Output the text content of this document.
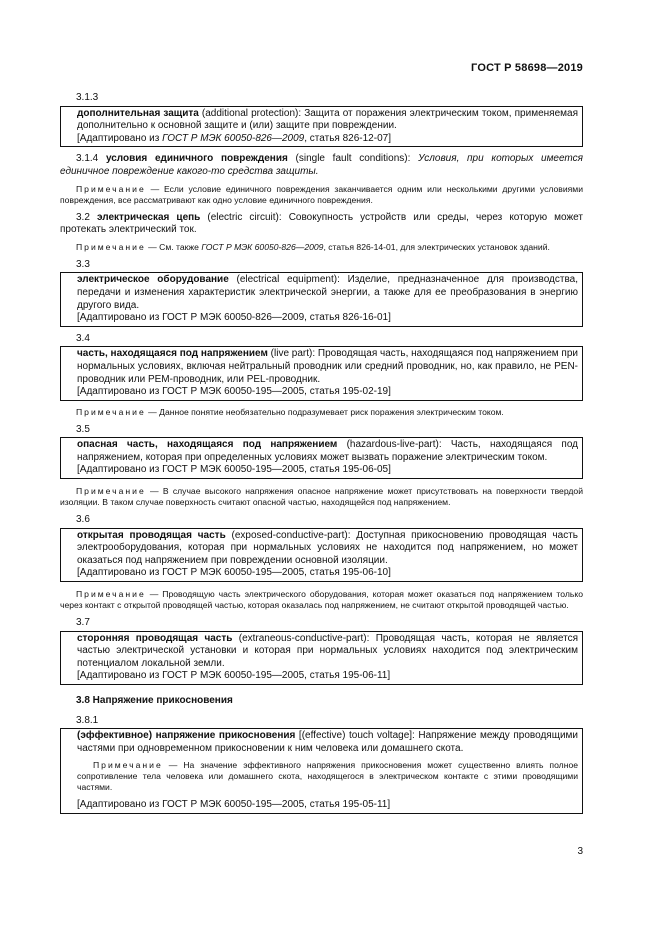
ГОСТ Р 58698—2019
3.1.3
дополнительная защита (additional protection): Защита от поражения электрическим током, применяемая дополнительно к основной защите и (или) защите при повреждении.
[Адаптировано из ГОСТ Р МЭК 60050-826—2009, статья 826-12-07]
3.1.4 условия единичного повреждения (single fault conditions): Условия, при которых имеется единичное повреждение какого-то средства защиты.
Примечание — Если условие единичного повреждения заканчивается одним или несколькими другими условиями повреждения, все рассматривают как одно условие единичного повреждения.
3.2 электрическая цепь (electric circuit): Совокупность устройств или среды, через которую может протекать электрический ток.
Примечание — См. также ГОСТ Р МЭК 60050-826—2009, статья 826-14-01, для электрических установок зданий.
3.3
электрическое оборудование (electrical equipment): Изделие, предназначенное для производства, передачи и изменения характеристик электрической энергии, а также для ее преобразования в энергию другого вида.
[Адаптировано из ГОСТ Р МЭК 60050-826—2009, статья 826-16-01]
3.4
часть, находящаяся под напряжением (live part): Проводящая часть, находящаяся под напряжением при нормальных условиях, включая нейтральный проводник или средний проводник, но, как правило, не PEN-проводник или PEM-проводник, или PEL-проводник.
[Адаптировано из ГОСТ Р МЭК 60050-195—2005, статья 195-02-19]
Примечание — Данное понятие необязательно подразумевает риск поражения электрическим током.
3.5
опасная часть, находящаяся под напряжением (hazardous-live-part): Часть, находящаяся под напряжением, которая при определенных условиях может вызвать поражение электрическим током.
[Адаптировано из ГОСТ Р МЭК 60050-195—2005, статья 195-06-05]
Примечание — В случае высокого напряжения опасное напряжение может присутствовать на поверхности твердой изоляции. В таком случае поверхность считают опасной частью, находящейся под напряжением.
3.6
открытая проводящая часть (exposed-conductive-part): Доступная прикосновению проводящая часть электрооборудования, которая при нормальных условиях не находится под напряжением, но может оказаться под напряжением при повреждении основной изоляции.
[Адаптировано из ГОСТ Р МЭК 60050-195—2005, статья 195-06-10]
Примечание — Проводящую часть электрического оборудования, которая может оказаться под напряжением только через контакт с открытой проводящей частью, которая оказалась под напряжением, не считают открытой проводящей частью.
3.7
сторонняя проводящая часть (extraneous-conductive-part): Проводящая часть, которая не является частью электрической установки и которая при нормальных условиях находится под электрическим потенциалом локальной земли.
[Адаптировано из ГОСТ Р МЭК 60050-195—2005, статья 195-06-11]
3.8 Напряжение прикосновения
3.8.1
(эффективное) напряжение прикосновения [(effective) touch voltage]: Напряжение между проводящими частями при одновременном прикосновении к ним человека или домашнего скота.
Примечание — На значение эффективного напряжения прикосновения может существенно влиять полное сопротивление тела человека или домашнего скота, находящегося в электрическом контакте с этими проводящими частями.
[Адаптировано из ГОСТ Р МЭК 60050-195—2005, статья 195-05-11]
3
